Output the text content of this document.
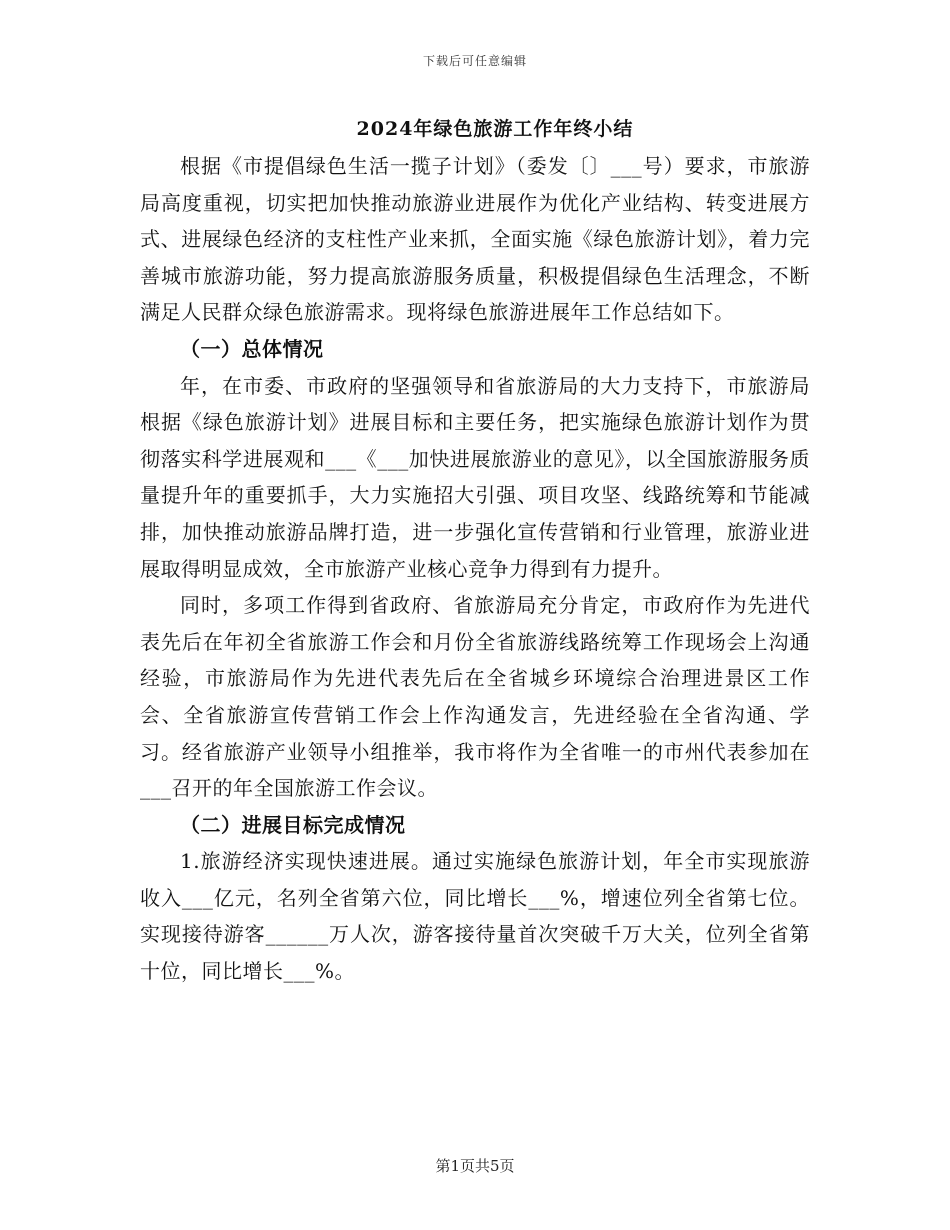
下载后可任意编辑
2024年绿色旅游工作年终小结

根据《市提倡绿色生活一揽子计划》（委发〔〕___号）要求，市旅游局高度重视，切实把加快推动旅游业进展作为优化产业结构、转变进展方式、进展绿色经济的支柱性产业来抓，全面实施《绿色旅游计划》，着力完善城市旅游功能，努力提高旅游服务质量，积极提倡绿色生活理念，不断满足人民群众绿色旅游需求。现将绿色旅游进展年工作总结如下。

（一）总体情况

年，在市委、市政府的坚强领导和省旅游局的大力支持下，市旅游局根据《绿色旅游计划》进展目标和主要任务，把实施绿色旅游计划作为贯彻落实科学进展观和___《___加快进展旅游业的意见》，以全国旅游服务质量提升年的重要抓手，大力实施招大引强、项目攻坚、线路统筹和节能减排，加快推动旅游品牌打造，进一步强化宣传营销和行业管理，旅游业进展取得明显成效，全市旅游产业核心竞争力得到有力提升。

同时，多项工作得到省政府、省旅游局充分肯定，市政府作为先进代表先后在年初全省旅游工作会和月份全省旅游线路统筹工作现场会上沟通经验，市旅游局作为先进代表先后在全省城乡环境综合治理进景区工作会、全省旅游宣传营销工作会上作沟通发言，先进经验在全省沟通、学习。经省旅游产业领导小组推举，我市将作为全省唯一的市州代表参加在___召开的年全国旅游工作会议。

（二）进展目标完成情况

1.旅游经济实现快速进展。通过实施绿色旅游计划，年全市实现旅游收入___亿元，名列全省第六位，同比增长___%，增速位列全省第七位。实现接待游客______万人次，游客接待量首次突破千万大关，位列全省第十位，同比增长___%。

第1页共5页
